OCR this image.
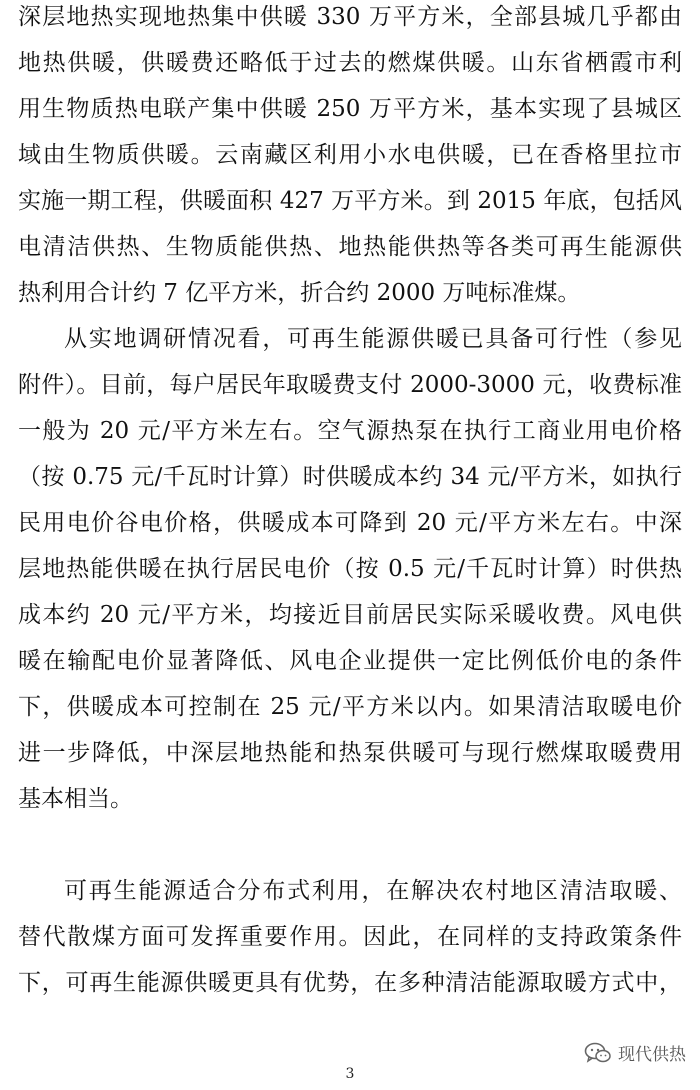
深层地热实现地热集中供暖 330 万平方米，全部县城几乎都由
地热供暖，供暖费还略低于过去的燃煤供暖。山东省栖霞市利
用生物质热电联产集中供暖 250 万平方米，基本实现了县城区
域由生物质供暖。云南藏区利用小水电供暖，已在香格里拉市
实施一期工程，供暖面积 427 万平方米。到 2015 年底，包括风
电清洁供热、生物质能供热、地热能供热等各类可再生能源供
热利用合计约 7 亿平方米，折合约 2000 万吨标准煤。
从实地调研情况看，可再生能源供暖已具备可行性（参见
附件）。目前，每户居民年取暖费支付 2000-3000 元，收费标准
一般为 20 元/平方米左右。空气源热泵在执行工商业用电价格
（按 0.75 元/千瓦时计算）时供暖成本约 34 元/平方米，如执行
民用电价谷电价格，供暖成本可降到 20 元/平方米左右。中深
层地热能供暖在执行居民电价（按 0.5 元/千瓦时计算）时供热
成本约 20 元/平方米，均接近目前居民实际采暖收费。风电供
暖在输配电价显著降低、风电企业提供一定比例低价电的条件
下，供暖成本可控制在 25 元/平方米以内。如果清洁取暖电价
进一步降低，中深层地热能和热泵供暖可与现行燃煤取暖费用
基本相当。
可再生能源适合分布式利用，在解决农村地区清洁取暖、
替代散煤方面可发挥重要作用。因此，在同样的支持政策条件
下，可再生能源供暖更具有优势，在多种清洁能源取暖方式中，
现代供热
3
